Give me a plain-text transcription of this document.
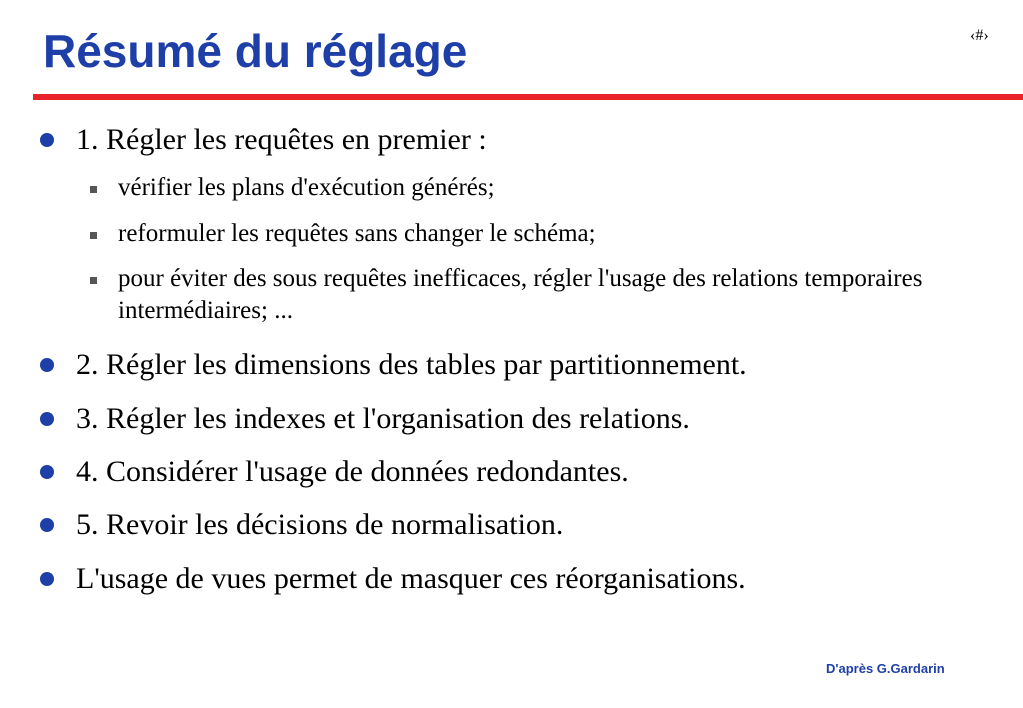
Résumé du réglage	‹#›
1. Régler les requêtes en premier :
vérifier les plans d'exécution générés;
reformuler les requêtes sans changer le schéma;
pour éviter des sous requêtes inefficaces, régler l'usage des relations temporaires intermédiaires; ...
2. Régler les dimensions des tables par partitionnement.
3. Régler les indexes et l'organisation des relations.
4. Considérer l'usage de données redondantes.
5. Revoir les décisions de normalisation.
L'usage de vues permet de masquer ces réorganisations.
D'après G.Gardarin
